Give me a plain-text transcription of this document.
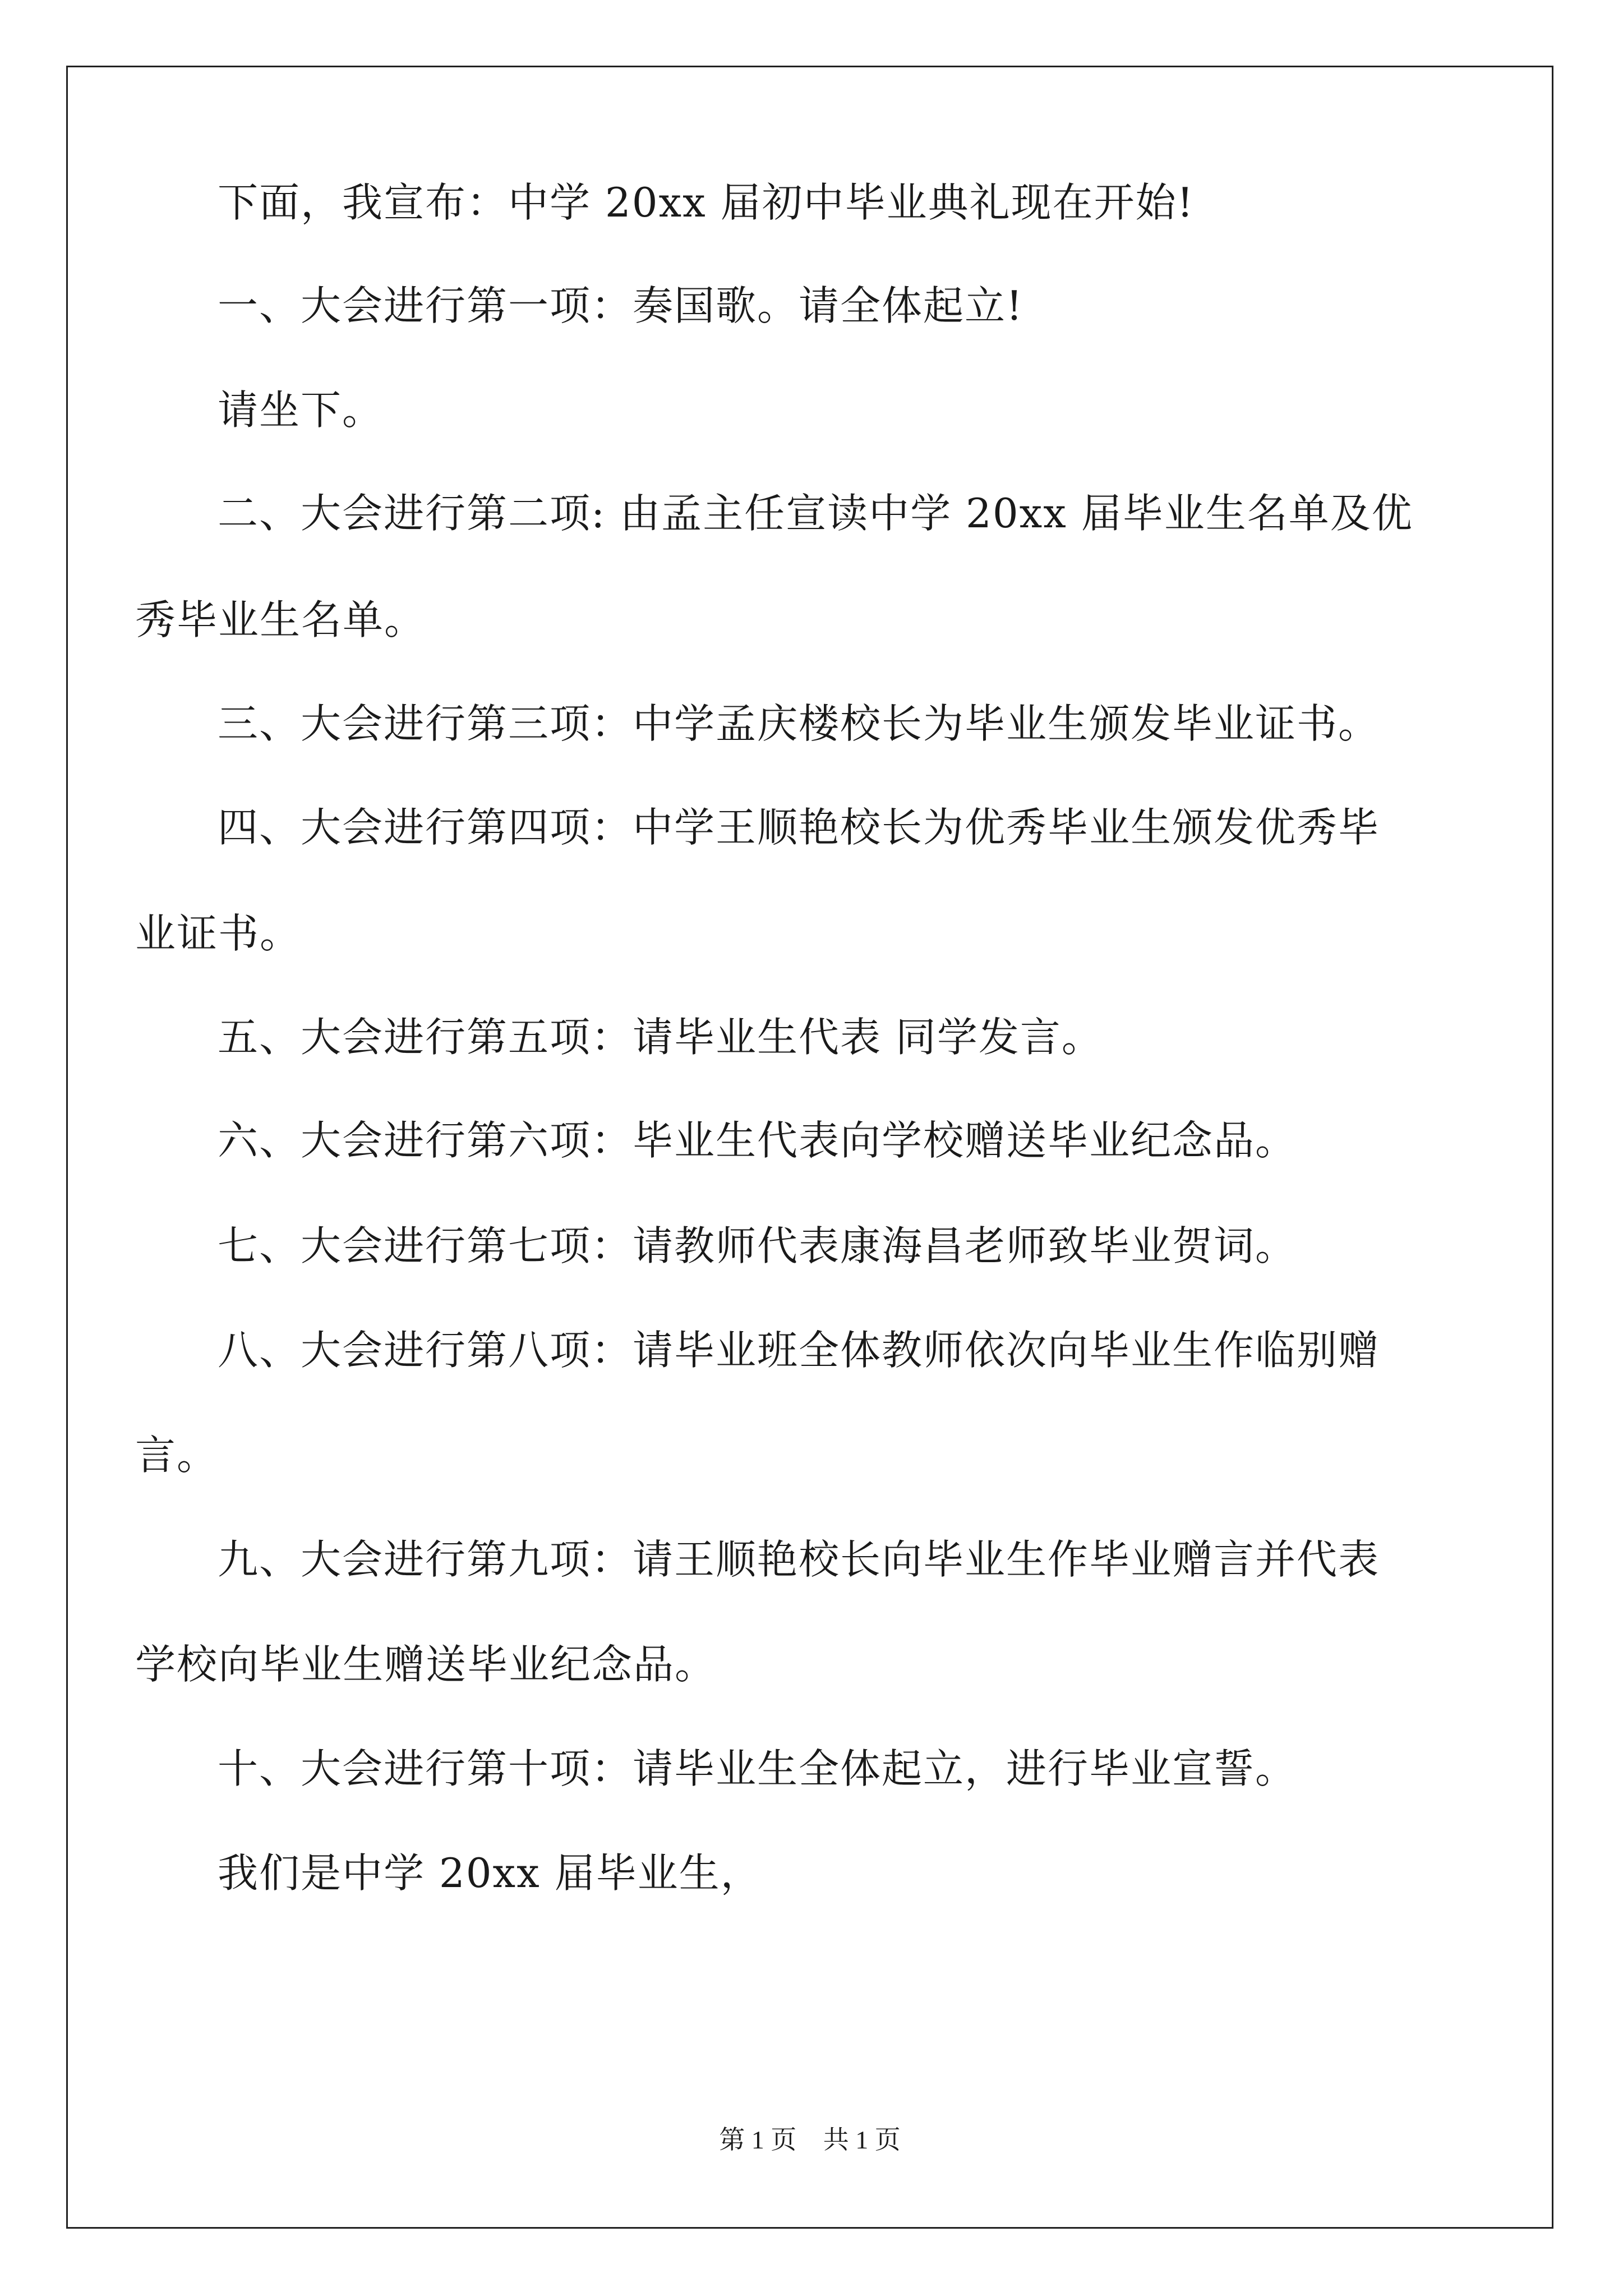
下面，我宣布：中学 20xx 届初中毕业典礼现在开始!
一、大会进行第一项：奏国歌。请全体起立!
请坐下。
二、大会进行第二项: 由孟主任宣读中学 20xx 届毕业生名单及优
秀毕业生名单。
三、大会进行第三项：中学孟庆楼校长为毕业生颁发毕业证书。
四、大会进行第四项：中学王顺艳校长为优秀毕业生颁发优秀毕
业证书。
五、大会进行第五项：请毕业生代表 同学发言。
六、大会进行第六项：毕业生代表向学校赠送毕业纪念品。
七、大会进行第七项：请教师代表康海昌老师致毕业贺词。
八、大会进行第八项：请毕业班全体教师依次向毕业生作临别赠
言。
九、大会进行第九项：请王顺艳校长向毕业生作毕业赠言并代表
学校向毕业生赠送毕业纪念品。
十、大会进行第十项：请毕业生全体起立，进行毕业宣誓。
我们是中学 20xx 届毕业生，
第 1 页 共 1 页
